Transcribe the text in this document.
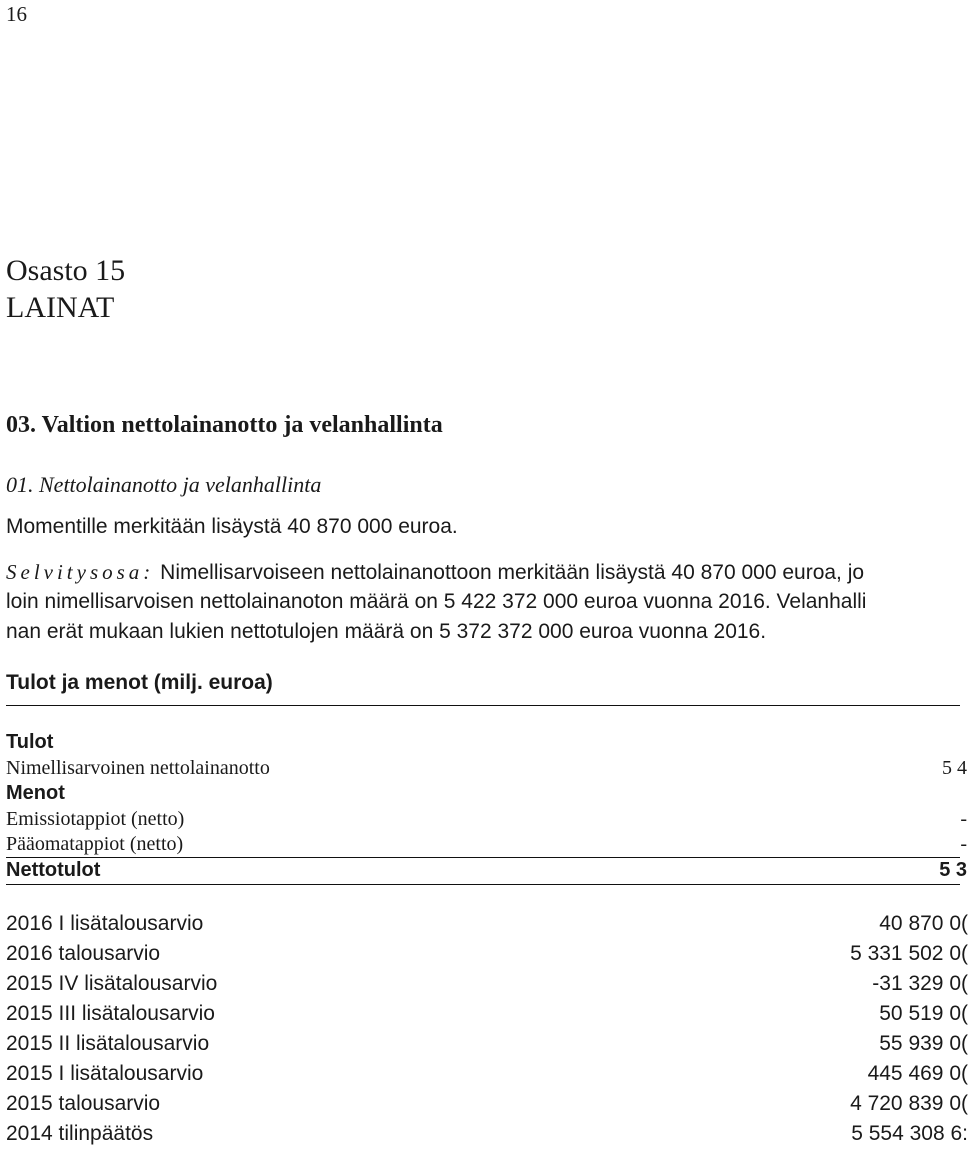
16
Osasto 15
LAINAT
03. Valtion nettolainanotto ja velanhallinta
01. Nettolainanotto ja velanhallinta
Momentille merkitään lisäystä 40 870 000 euroa.
Selvitysosa: Nimellisarvoiseen nettolainanottoon merkitään lisäystä 40 870 000 euroa, jo
loin nimellisarvoisen nettolainanoton määrä on 5 422 372 000 euroa vuonna 2016. Velanhalli
nan erät mukaan lukien nettotulojen määrä on 5 372 372 000 euroa vuonna 2016.
Tulot ja menot (milj. euroa)
Tulot
Nimellisarvoinen nettolainanotto	5 4
Menot
Emissiotappiot (netto)	-
Pääomatappiot (netto)	-
Nettotulot	5 3
2016 I lisätalousarvio	40 870 0(
2016 talousarvio	5 331 502 0(
2015 IV lisätalousarvio	-31 329 0(
2015 III lisätalousarvio	50 519 0(
2015 II lisätalousarvio	55 939 0(
2015 I lisätalousarvio	445 469 0(
2015 talousarvio	4 720 839 0(
2014 tilinpäätös	5 554 308 6:
